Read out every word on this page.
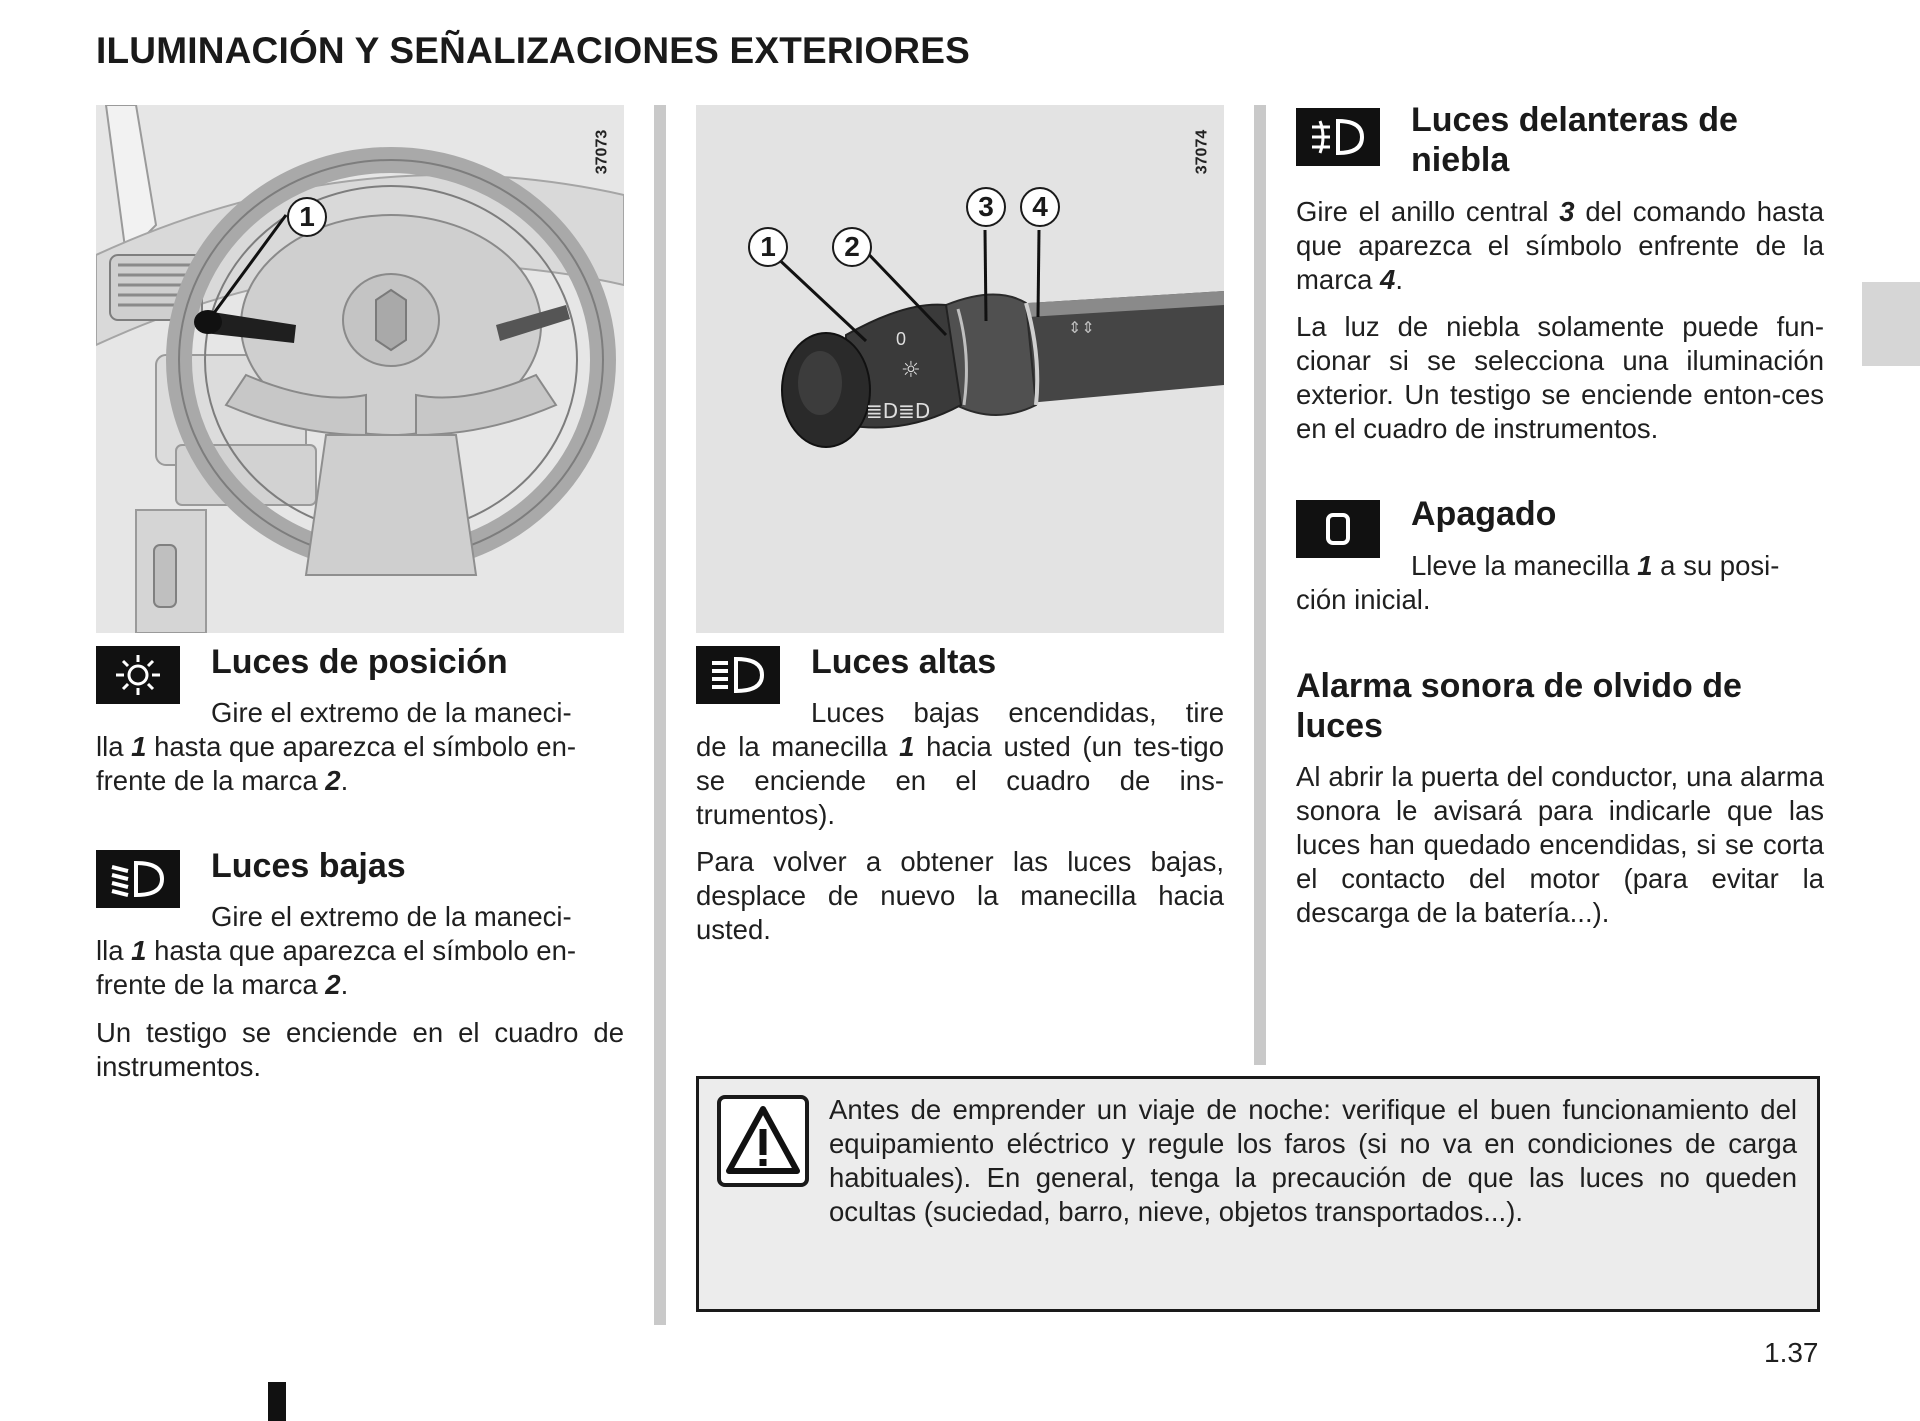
ILUMINACIÓN Y SEÑALIZACIONES EXTERIORES
1
37073
0
☼
≣D≣D
⇕⇕
1	2
3	4
37074
Luces de posición

Gire el extremo de la maneci-

lla 1 hasta que aparezca el símbolo en-
frente de la marca 2.

Luces bajas

Gire el extremo de la maneci-

lla 1 hasta que aparezca el símbolo en-
frente de la marca 2.

Un testigo se enciende en el cuadro de instrumentos.

Luces altas

Luces bajas encendidas, tire

de la manecilla 1 hacia usted (un tes-tigo se enciende en el cuadro de ins-trumentos).

Para volver a obtener las luces bajas, desplace de nuevo la manecilla hacia usted.

Luces delanteras de niebla

Gire el anillo central 3 del comando hasta que aparezca el símbolo enfrente de la marca 4.

La luz de niebla solamente puede fun-cionar si se selecciona una iluminación exterior. Un testigo se enciende enton-ces en el cuadro de instrumentos.

Apagado

Lleve la manecilla 1 a su posi-

ción inicial.

Alarma sonora de olvido de luces

Al abrir la puerta del conductor, una alarma sonora le avisará para indicarle que las luces han quedado encendidas, si se corta el contacto del motor (para evitar la descarga de la batería...).

Antes de emprender un viaje de noche: verifique el buen funcionamiento del equipamiento eléctrico y regule los faros (si no va en condiciones de carga habituales). En general, tenga la precaución de que las luces no queden ocultas (suciedad, barro, nieve, objetos transportados...).

1.37
